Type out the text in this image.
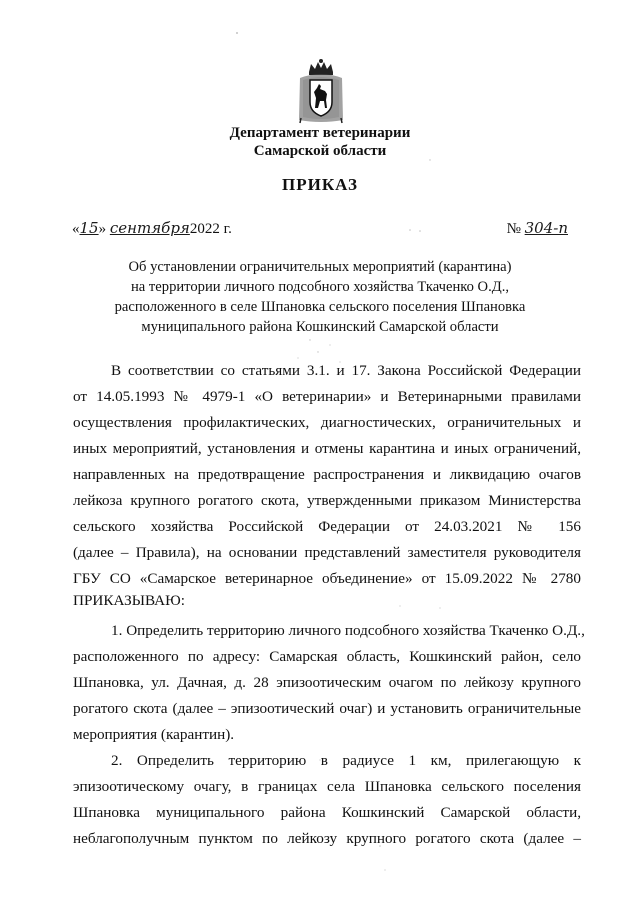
Департамент ветеринарии
Самарской области
ПРИКАЗ
«15» сентября2022 г.	№ 304-п
Об установлении ограничительных мероприятий (карантина)
на территории личного подсобного хозяйства Ткаченко О.Д.,
расположенного в селе Шпановка сельского поселения Шпановка
муниципального района Кошкинский Самарской области
В соответствии со статьями 3.1. и 17. Закона Российской Федерации
от 14.05.1993 № 4979-1 «О ветеринарии» и Ветеринарными правилами
осуществления профилактических, диагностических, ограничительных и
иных мероприятий, установления и отмены карантина и иных ограничений,
направленных на предотвращение распространения и ликвидацию очагов
лейкоза крупного рогатого скота, утвержденными приказом Министерства
сельского хозяйства Российской Федерации от 24.03.2021 № 156
(далее – Правила), на основании представлений заместителя руководителя
ГБУ СО «Самарское ветеринарное объединение» от 15.09.2022 № 2780
ПРИКАЗЫВАЮ:
1. Определить территорию личного подсобного хозяйства Ткаченко О.Д.,
расположенного по адресу: Самарская область, Кошкинский район, село
Шпановка, ул. Дачная, д. 28 эпизоотическим очагом по лейкозу крупного
рогатого скота (далее – эпизоотический очаг) и установить ограничительные
мероприятия (карантин).
2. Определить территорию в радиусе 1 км, прилегающую к
эпизоотическому очагу, в границах села Шпановка сельского поселения
Шпановка муниципального района Кошкинский Самарской области,
неблагополучным пунктом по лейкозу крупного рогатого скота (далее –
